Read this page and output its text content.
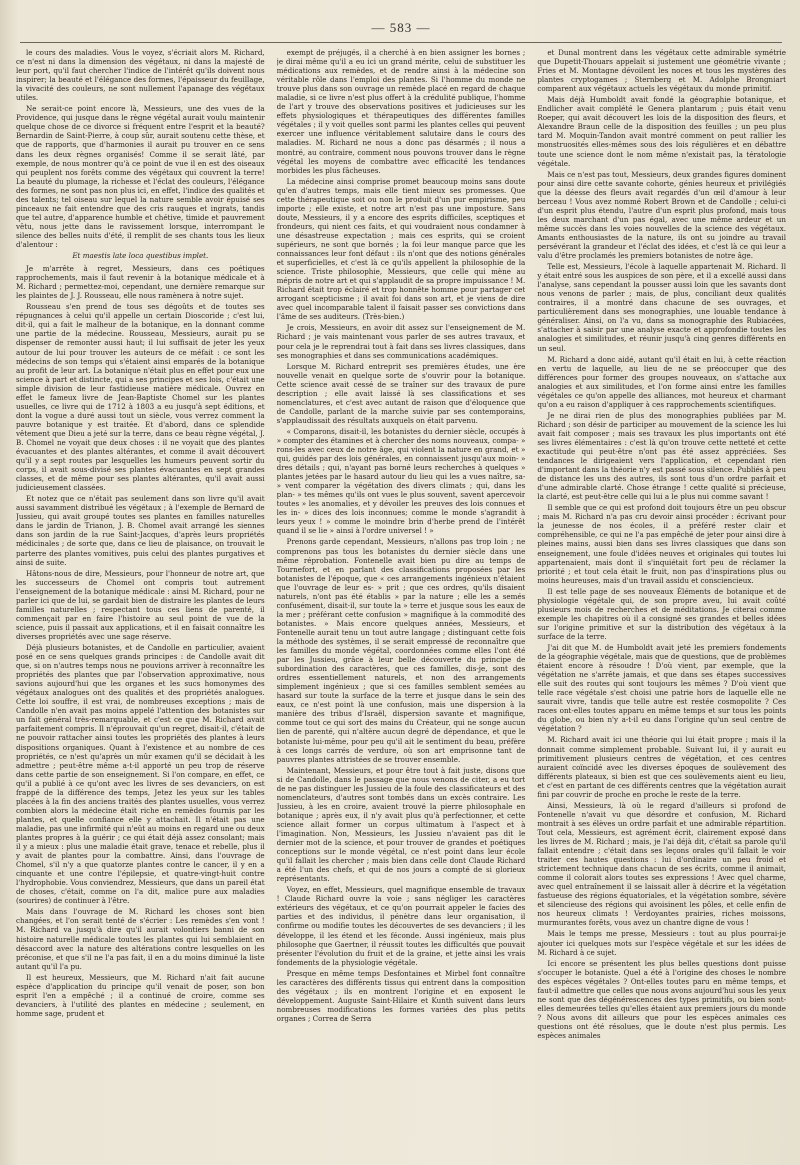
— 583 —

le cours des maladies. Vous le voyez, s'écriait alors M. Richard, ce n'est ni dans la dimension des végétaux, ni dans la majesté de leur port, qu'il faut chercher l'indice de l'intérêt qu'ils doivent nous inspirer; la beauté et l'élégance des formes, l'épaisseur du feuillage, la vivacité des couleurs, ne sont nullement l'apanage des végétaux utiles.

Ne serait-ce point encore là, Messieurs, une des vues de la Providence, qui jusque dans le règne végétal aurait voulu maintenir quelque chose de ce divorce si fréquent entre l'esprit et la beauté? Bernardin de Saint-Pierre, à coup sûr, aurait soutenu cette thèse, et que de rapports, que d'harmonies il aurait pu trouver en ce sens dans les deux règnes organisés! Comme il se serait lâté, par exemple, de nous montrer qu'à ce point de vue il en est des oiseaux qui peuplent nos forêts comme des végétaux qui couvrent la terre! La beauté du plumage, la richesse et l'éclat des couleurs, l'élégance des formes, ne sont pas non plus ici, en effet, l'indice des qualités et des talents; tel oiseau sur lequel la nature semble avoir épuisé ses pinceaux ne fait entendre que des cris rauques et ingrats, tandis que tel autre, d'apparence humble et chétive, timide et pauvrement vêtu, nous jette dans le ravissement lorsque, interrompant le silence des belles nuits d'été, il remplit de ses chants tous les lieux d'alentour :

Et maestis late loca questibus implet.

Je m'arrête à regret, Messieurs, dans ces poétiques rapprochements, mais il faut revenir à la botanique médicale et à M. Richard ; permettez-moi, cependant, une dernière remarque sur les plaintes de J. J. Rousseau, elle nous ramènera à notre sujet.

Rousseau s'en prend de tous ses dégoûts et de toutes ses répugnances à celui qu'il appelle un certain Dioscoride ; c'est lui, dit-il, qui a fait le malheur de la botanique, en la donnant comme une partie de la médecine. Rousseau, Messieurs, aurait pu se dispenser de remonter aussi haut; il lui suffisait de jeter les yeux autour de lui pour trouver les auteurs de ce méfait : ce sont les médecins de son temps qui s'étaient ainsi emparés de la botanique au profit de leur art. La botanique n'était plus en effet pour eux une science à part et distincte, qui a ses principes et ses lois, c'était une simple division de leur fastidieuse matière médicale. Ouvrez en effet le fameux livre de Jean-Baptiste Chomel sur les plantes usuelles, ce livre qui de 1712 à 1803 a eu jusqu'à sept éditions, et dont la vogue a duré aussi tout un siècle, vous verrez comment la pauvre botanique y est traitée. Et d'abord, dans ce splendide vêtement que Dieu a jeté sur la terre, dans ce beau règne végétal, J. B. Chomel ne voyait que deux choses : il ne voyait que des plantes évacuantes et des plantes altérantes, et comme il avait découvert qu'il y a sept routes par lesquelles les humeurs peuvent sortir du corps, il avait sous-divisé ses plantes évacuantes en sept grandes classes, et de même pour ses plantes altérantes, qu'il avait aussi judicieusement classées.

Et notez que ce n'était pas seulement dans son livre qu'il avait aussi savamment distribué les végétaux ; à l'exemple de Bernard de Jussieu, qui avait groupé toutes ses plantes en familles naturelles dans le jardin de Trianon, J. B. Chomel avait arrangé les siennes dans son jardin de la rue Saint-Jacques, d'après leurs propriétés médicinales ; de sorte que, dans ce lieu de plaisance, on trouvait le parterre des plantes vomitives, puis celui des plantes purgatives et ainsi de suite.

Hâtons-nous de dire, Messieurs, pour l'honneur de notre art, que les successeurs de Chomel ont compris tout autrement l'enseignement de la botanique médicale : ainsi M. Richard, pour ne parler ici que de lui, se gardait bien de distraire les plantes de leurs familles naturelles ; respectant tous ces liens de parenté, il commençait par en faire l'histoire au seul point de vue de la science, puis il passait aux applications, et il en faisait connaître les diverses propriétés avec une sage réserve.

Déjà plusieurs botanistes, et de Candolle en particulier, avaient posé en ce sens quelques grands principes : de Candolle avait dit que, si on n'autres temps nous ne pouvions arriver à reconnaître les propriétés des plantes que par l'observation approximative, nous savions aujourd'hui que les organes et les sucs homonymes des végétaux analogues ont des qualités et des propriétés analogues. Cette loi souffre, il est vrai, de nombreuses exceptions ; mais de Candolle n'en avait pas moins appelé l'attention des botanistes sur un fait général très-remarquable, et c'est ce que M. Richard avait parfaitement compris. Il n'éprouvait qu'un regret, disait-il, c'était de ne pouvoir rattacher ainsi toutes les propriétés des plantes à leurs dispositions organiques. Quant à l'existence et au nombre de ces propriétés, ce n'est qu'après un mûr examen qu'il se décidait à les admettre ; peut-être même a-t-il apporté un peu trop de réserve dans cette partie de son enseignement. Si l'on compare, en effet, ce qu'il a publié à ce qu'ont avec les livres de ses devanciers, on est frappé de la différence des temps, Jetez les yeux sur les tables placées à la fin des anciens traités des plantes usuelles, vous verrez combien alors la médecine était riche en remèdes fournis par les plantes, et quelle confiance elle y attachait. Il n'était pas une maladie, pas une infirmité qui n'eût au moins en regard une ou deux plantes propres à la guérir ; ce qui était déjà assez consolant; mais il y a mieux : plus une maladie était grave, tenace et rebelle, plus il y avait de plantes pour la combattre. Ainsi, dans l'ouvrage de Chomel, s'il n'y a que quatorze plantes contre le cancer, il y en a cinquante et une contre l'épilepsie, et quatre-vingt-huit contre l'hydrophobie. Vous conviendrez, Messieurs, que dans un pareil état de choses, c'était, comme on l'a dit, malice pure aux maladies (sourires) de continuer à l'être.

Mais dans l'ouvrage de M. Richard les choses sont bien changées, et l'on serait tenté de s'écrier : Les remèdes s'en vont ! M. Richard va jusqu'à dire qu'il aurait volontiers banni de son histoire naturelle médicale toutes les plantes qui lui semblaient en désaccord avec la nature des altérations contre lesquelles on les préconise, et que s'il ne l'a pas fait, il en a du moins diminué la liste autant qu'il l'a pu.

Il est heureux, Messieurs, que M. Richard n'ait fait aucune espèce d'application du principe qu'il venait de poser, son bon esprit l'en a empêché ; il a continué de croire, comme ses devanciers, à l'utilité des plantes en médecine ; seulement, en homme sage, prudent et

exempt de préjugés, il a cherché à en bien assigner les bornes ; je dirai même qu'il a eu ici un grand mérite, celui de substituer les médications aux remèdes, et de rendre ainsi à la médecine son véritable rôle dans l'emploi des plantes. Si l'homme du monde ne trouve plus dans son ouvrage un remède placé en regard de chaque maladie, si ce livre n'est plus offert à la crédulité publique, l'homme de l'art y trouve des observations positives et judicieuses sur les effets physiologiques et thérapeutiques des différentes familles végétales ; il y voit quelles sont parmi les plantes celles qui peuvent exercer une influence véritablement salutaire dans le cours des maladies. M. Richard ne nous a donc pas désarmés ; il nous a montré, au contraire, comment nous pouvons trouver dans le règne végétal les moyens de combattre avec efficacité les tendances morbides les plus fâcheuses.

La médecine ainsi comprise promet beaucoup moins sans doute qu'en d'autres temps, mais elle tient mieux ses promesses. Que cette thérapeutique soit ou non le produit d'un pur empirisme, peu importe ; elle existe, et notre art n'est pas une imposture. Sans doute, Messieurs, il y a encore des esprits difficiles, sceptiques et frondeurs, qui nient ces faits, et qui voudraient nous condamner à une désastreuse expectation ; mais ces esprits, qui se croient supérieurs, ne sont que bornés ; la foi leur manque parce que les connaissances leur font défaut : ils n'ont que des notions générales et superficielles, et c'est là ce qu'ils appellent la philosophie de la science. Triste philosophie, Messieurs, que celle qui mène au mépris de notre art et qui s'applaudit de sa propre impuissance ! M. Richard était trop éclairé et trop honnête homme pour partager cet arrogant scepticisme ; il avait foi dans son art, et je viens de dire avec quel incomparable talent il faisait passer ses convictions dans l'âme de ses auditeurs. (Très-bien.)

Je crois, Messieurs, en avoir dit assez sur l'enseignement de M. Richard ; je vais maintenant vous parler de ses autres travaux, et pour cela je le reprendrai tout à fait dans ses livres classiques, dans ses monographies et dans ses communications académiques.

Lorsque M. Richard entreprit ses premières études, une ère nouvelle venait en quelque sorte de s'ouvrir pour la botanique. Cette science avait cessé de se traîner sur des travaux de pure description ; elle avait laissé là ses classifications et ses nomenclatures, et c'est avec autant de raison que d'éloquence que de Candolle, parlant de la marche suivie par ses contemporains, s'applaudissait des résultats auxquels on était parvenu.

« Comparons, disait-il, les botanistes du dernier siècle, occupés à » compter des étamines et à chercher des noms nouveaux, compa- » rons-les avec ceux de notre âge, qui violent la nature en grand, et » qui, guidés par des lois générales, en connaissent jusqu'aux moin- » dres détails ; qui, n'ayant pas borné leurs recherches à quelques » plantes jetées par le hasard autour du lieu qui les a vues naître, sa- » vent comparer la végétation des divers climats ; qui, dans les plan- » tes mêmes qu'ils ont vues le plus souvent, savent apercevoir toutes » les anomalies, et y dévoiler les preuves des lois connues et les in- » dices des lois inconnues; comme le monde s'agrandit à leurs yeux ! » comme le moindre brin d'herbe prend de l'intérêt quand il se lie » ainsi à l'ordre universel ! »

Prenons garde cependant, Messieurs, n'allons pas trop loin ; ne comprenons pas tous les botanistes du dernier siècle dans une même réprobation. Fontenelle avait bien pu dire au temps de Tournefort, et en parlant des classifications proposées par les botanistes de l'époque, que « ces arrangements ingénieux n'étaient que l'ouvrage de leur es- » prit ; que ces ordres, qu'ils disaient naturels, n'ont pas été établis » par la nature ; elle les a semés confusément, disait-il, sur toute la » terre et jusque sous les eaux de la mer ; préférant cette confusion » magnifique à la commodité des botanistes. » Mais encore quelques années, Messieurs, et Fontenelle aurait tenu un tout autre langage ; distinguant cette fois la méthode des systèmes, il se serait empressé de reconnaître que les familles du monde végétal, coordonnées comme elles l'ont été par les Jussieu, grâce à leur belle découverte du principe de subordination des caractères, que ces familles, dis-je, sont des ordres essentiellement naturels, et non des arrangements simplement ingénieux ; que si ces familles semblent semées au hasard sur toute la surface de la terre et jusque dans le sein des eaux, ce n'est point là une confusion, mais une dispersion à la manière des tribus d'Israël, dispersion savante et magnifique, comme tout ce qui sort des mains du Créateur, qui ne songe aucun lien de parenté, qui n'altère aucun degré de dépendance, et que le botaniste lui-même, pour peu qu'il ait le sentiment du beau, préfère à ces longs carrés de verdure, où son art emprisonne tant de pauvres plantes attristées de se trouver ensemble.

Maintenant, Messieurs, et pour être tout à fait juste, disons que si de Candolle, dans le passage que nous venons de citer, a eu tort de ne pas distinguer les Jussieu de la foule des classificateurs et des nomenclateurs, d'autres sont tombés dans un excès contraire. Les Jussieu, à les en croire, avaient trouvé la pierre philosophale en botanique ; après eux, il n'y avait plus qu'à perfectionner, et cette science allait former un corpus ultimatum à l'aspect et à l'imagination. Non, Messieurs, les Jussieu n'avaient pas dit le dernier mot de la science, et pour trouver de grandes et poétiques conceptions sur le monde végétal, ce n'est point dans leur école qu'il fallait les chercher ; mais bien dans celle dont Claude Richard a été l'un des chefs, et qui de nos jours a compté de si glorieux représentants.

Voyez, en effet, Messieurs, quel magnifique ensemble de travaux ! Claude Richard ouvre la voie ; sans négliger les caractères extérieurs des végétaux, et ce qu'on pourrait appeler le facies des parties et des individus, il pénètre dans leur organisation, il confirme ou modifie toutes les découvertes de ses devanciers ; il les développe, il les étend et les féconde. Aussi ingénieux, mais plus philosophe que Gaertner, il réussit toutes les difficultés que pouvait présenter l'évolution du fruit et de la graine, et jette ainsi les vrais fondements de la physiologie végétale.

Presque en même temps Desfontaines et Mirbel font connaître les caractères des différents tissus qui entrent dans la composition des végétaux ; ils en montrent l'origine et en exposent le développement. Auguste Saint-Hilaire et Kunth suivent dans leurs nombreuses modifications les formes variées des plus petits organes ; Correa de Serra

et Dunal montrent dans les végétaux cette admirable symétrie que Dupetit-Thouars appelait si justement une géométrie vivante ; Fries et M. Montagne dévoilent les noces et tous les mystères des plantes cryptogames ; Sternberg et M. Adolphe Brongniart comparent aux végétaux actuels les végétaux du monde primitif.

Mais déjà Humboldt avait fondé la géographie botanique, et Endlicher avait complété le Genera plantarum ; puis était venu Roeper, qui avait découvert les lois de la disposition des fleurs, et Alexandre Braun celle de la disposition des feuilles ; un peu plus tard M. Moquin-Tandon avait montré comment on peut rallier les monstruosités elles-mêmes sous des lois régulières et en débattre toute une science dont le nom même n'existait pas, la tératologie végétale.

Mais ce n'est pas tout, Messieurs, deux grandes figures dominent pour ainsi dire cette savante cohorte, génies heureux et privilégiés que la déesse des fleurs avait regardés d'un œil d'amour à leur berceau ! Vous avez nommé Robert Brown et de Candolle ; celui-ci d'un esprit plus étendu, l'autre d'un esprit plus profond, mais tous les deux marchant d'un pas égal, avec une même ardeur et un même succès dans les voies nouvelles de la science des végétaux. Amants enthousiastes de la nature, ils ont su joindre au travail persévérant la grandeur et l'éclat des idées, et c'est là ce qui leur a valu d'être proclamés les premiers botanistes de notre âge.

Telle est, Messieurs, l'école à laquelle appartenait M. Richard. Il y était entré sous les auspices de son père, et il a excellé aussi dans l'analyse, sans cependant la pousser aussi loin que les savants dont nous venons de parler ; mais, de plus, conciliant deux qualités contraires, il a montré dans chacune de ses ouvrages, et particulièrement dans ses monographies, une louable tendance à généraliser. Ainsi, on l'a vu, dans sa monographie des Rubiacées, s'attacher à saisir par une analyse exacte et approfondie toutes les analogies et similitudes, et réunir jusqu'à cinq genres différents en un seul.

M. Richard a donc aidé, autant qu'il était en lui, à cette réaction en vertu de laquelle, au lieu de ne se préoccuper que des différences pour former des groupes nouveaux, on s'attache aux analogies et aux similitudes, et l'on forme ainsi entre les familles végétales ce qu'on appelle des alliances, mot heureux et charmant qu'on a eu raison d'appliquer à ces rapprochements scientifiques.

Je ne dirai rien de plus des monographies publiées par M. Richard ; son désir de participer au mouvement de la science les lui avait fait composer ; mais ses travaux les plus importants ont été ses livres élémentaires : c'est là qu'on trouve cette netteté et cette exactitude qui peut-être n'ont pas été assez appréciées. Ses tendances le dirigeaient vers l'application, et cependant rien d'important dans la théorie n'y est passé sous silence. Publiés à peu de distance les uns des autres, ils sont tous d'un ordre parfait et d'une admirable clarté. Chose étrange ! cette qualité si précieuse, la clarté, est peut-être celle qui lui a le plus nui comme savant !

Il semble que ce qui est profond doit toujours être un peu obscur ; mais M. Richard n'a pas cru devoir ainsi procéder : écrivant pour la jeunesse de nos écoles, il a préféré rester clair et compréhensible, ce qui ne l'a pas empêché de jeter pour ainsi dire à pleines mains, aussi bien dans ses livres classiques que dans son enseignement, une foule d'idées neuves et originales qui toutes lui appartenaient, mais dont il s'inquiétait fort peu de réclamer la priorité ; et tout cela était le fruit, non pas d'inspirations plus ou moins heureuses, mais d'un travail assidu et consciencieux.

Il est telle page de ses nouveaux Éléments de botanique et de physiologie végétale qui, de son propre aveu, lui avait coûté plusieurs mois de recherches et de méditations. Je citerai comme exemple les chapitres où il a consigné ses grandes et belles idées sur l'origine primitive et sur la distribution des végétaux à la surface de la terre.

J'ai dit que M. de Humboldt avait jeté les premiers fondements de la géographie végétale, mais que de questions, que de problèmes étaient encore à résoudre ! D'où vient, par exemple, que la végétation ne s'arrête jamais, et que dans ses étapes successives elle suit des routes qui sont toujours les mêmes ? D'où vient que telle race végétale s'est choisi une patrie hors de laquelle elle ne saurait vivre, tandis que telle autre est restée cosmopolite ? Ces races ont-elles toutes apparu en même temps et sur tous les points du globe, ou bien n'y a-t-il eu dans l'origine qu'un seul centre de végétation ?

M. Richard avait ici une théorie qui lui était propre ; mais il la donnait comme simplement probable. Suivant lui, il y aurait eu primitivement plusieurs centres de végétation, et ces centres auraient coïncidé avec les diverses époques de soulèvement des différents plateaux, si bien est que ces soulèvements aient eu lieu, et c'est en partant de ces différents centres que la végétation aurait fini par couvrir de proche en proche le reste de la terre.

Ainsi, Messieurs, là où le regard d'ailleurs si profond de Fontenelle n'avait vu que désordre et confusion, M. Richard montrait à ses élèves un ordre parfait et une admirable répartition. Tout cela, Messieurs, est agrément écrit, clairement exposé dans les livres de M. Richard ; mais, je l'ai déjà dit, c'était sa parole qu'il fallait entendre ; c'était dans ses leçons orales qu'il fallait le voir traiter ces hautes questions : lui d'ordinaire un peu froid et strictement technique dans chacun de ses écrits, comme il animait, comme il colorait alors toutes ses expressions ! Avec quel charme, avec quel entraînement il se laissait aller à décrire et la végétation fastueuse des régions équatoriales, et la végétation sombre, sévère et silencieuse des régions qui avoisinent les pôles, et celle enfin de nos heureux climats ! Verdoyantes prairies, riches moissons, murmurantes forêts, vous avez un chantre digne de vous !

Mais le temps me presse, Messieurs : tout au plus pourrai-je ajouter ici quelques mots sur l'espèce végétale et sur les idées de M. Richard à ce sujet.

Ici encore se présentent les plus belles questions dont puisse s'occuper le botaniste. Quel a été à l'origine des choses le nombre des espèces végétales ? Ont-elles toutes paru en même temps, et faut-il admettre que celles que nous avons aujourd'hui sous les yeux ne sont que des dégénérescences des types primitifs, ou bien sont-elles demeurées telles qu'elles étaient aux premiers jours du monde ? Nous avons dit ailleurs que pour les espèces animales ces questions ont été résolues, que le doute n'est plus permis. Les espèces animales
